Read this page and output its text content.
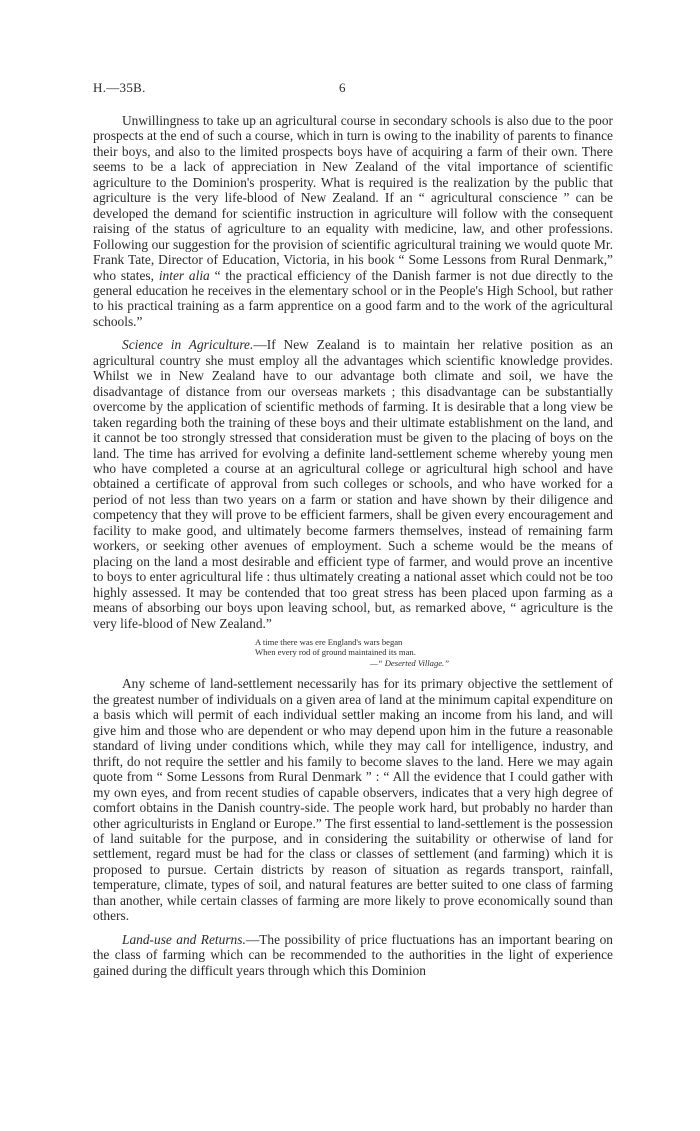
H.—35B.	6

Unwillingness to take up an agricultural course in secondary schools is also due to the poor prospects at the end of such a course, which in turn is owing to the inability of parents to finance their boys, and also to the limited prospects boys have of acquiring a farm of their own. There seems to be a lack of appreciation in New Zealand of the vital importance of scientific agriculture to the Dominion's prosperity. What is required is the realization by the public that agriculture is the very life-blood of New Zealand. If an “ agricultural conscience ” can be developed the demand for scientific instruction in agriculture will follow with the consequent raising of the status of agriculture to an equality with medicine, law, and other professions. Following our suggestion for the provision of scientific agricultural training we would quote Mr. Frank Tate, Director of Education, Victoria, in his book “ Some Lessons from Rural Denmark,” who states, inter alia “ the practical efficiency of the Danish farmer is not due directly to the general education he receives in the elementary school or in the People's High School, but rather to his practical training as a farm apprentice on a good farm and to the work of the agricultural schools.”

Science in Agriculture.—If New Zealand is to maintain her relative position as an agricultural country she must employ all the advantages which scientific knowledge provides. Whilst we in New Zealand have to our advantage both climate and soil, we have the disadvantage of distance from our overseas markets ; this disadvantage can be substantially overcome by the application of scientific methods of farming. It is desirable that a long view be taken regarding both the training of these boys and their ultimate establishment on the land, and it cannot be too strongly stressed that consideration must be given to the placing of boys on the land. The time has arrived for evolving a definite land-settlement scheme whereby young men who have completed a course at an agricultural college or agricultural high school and have obtained a certificate of approval from such colleges or schools, and who have worked for a period of not less than two years on a farm or station and have shown by their diligence and competency that they will prove to be efficient farmers, shall be given every encouragement and facility to make good, and ultimately become farmers themselves, instead of remaining farm workers, or seeking other avenues of employment. Such a scheme would be the means of placing on the land a most desirable and efficient type of farmer, and would prove an incentive to boys to enter agricultural life : thus ultimately creating a national asset which could not be too highly assessed. It may be contended that too great stress has been placed upon farming as a means of absorbing our boys upon leaving school, but, as remarked above, “ agriculture is the very life-blood of New Zealand.”

A time there was ere England's wars began
When every rod of ground maintained its man.
—“ Deserted Village.”

Any scheme of land-settlement necessarily has for its primary objective the settlement of the greatest number of individuals on a given area of land at the minimum capital expenditure on a basis which will permit of each individual settler making an income from his land, and will give him and those who are dependent or who may depend upon him in the future a reasonable standard of living under conditions which, while they may call for intelligence, industry, and thrift, do not require the settler and his family to become slaves to the land. Here we may again quote from “ Some Lessons from Rural Denmark ” : “ All the evidence that I could gather with my own eyes, and from recent studies of capable observers, indicates that a very high degree of comfort obtains in the Danish country-side. The people work hard, but probably no harder than other agriculturists in England or Europe.” The first essential to land-settlement is the possession of land suitable for the purpose, and in considering the suitability or otherwise of land for settlement, regard must be had for the class or classes of settlement (and farming) which it is proposed to pursue. Certain districts by reason of situation as regards transport, rainfall, temperature, climate, types of soil, and natural features are better suited to one class of farming than another, while certain classes of farming are more likely to prove economically sound than others.

Land-use and Returns.—The possibility of price fluctuations has an important bearing on the class of farming which can be recommended to the authorities in the light of experience gained during the difficult years through which this Dominion
